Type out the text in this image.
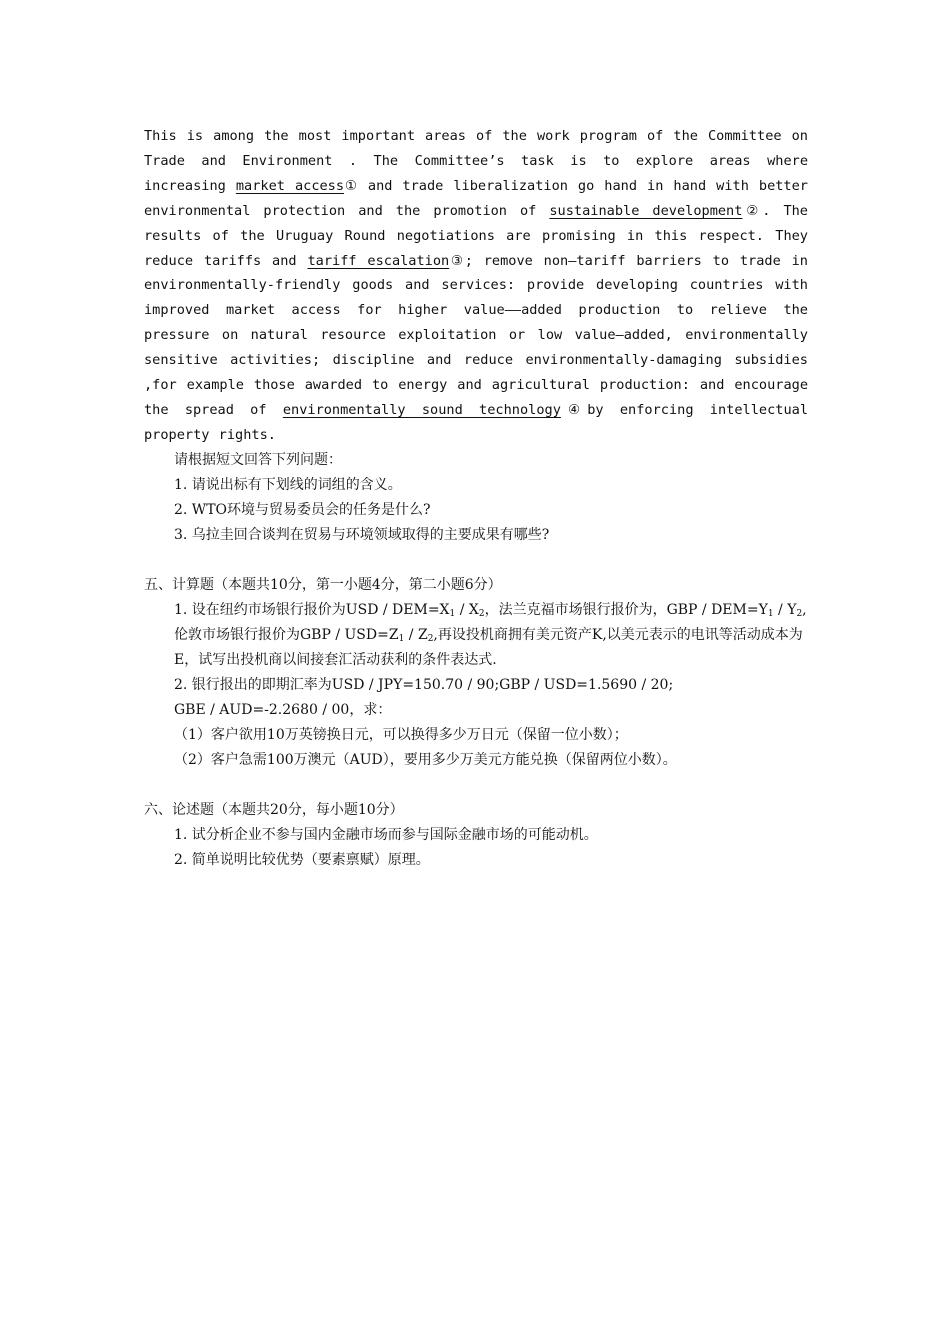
This is among the most important areas of the work program of the Committee on Trade and Environment . The Committee’s task is to explore areas where increasing market access① and trade liberalization go hand in hand with better environmental protection and the promotion of sustainable development②. The results of the Uruguay Round negotiations are promising in this respect. They reduce tariffs and tariff escalation③; remove non—tariff barriers to trade in environmentally-friendly goods and services: provide developing countries with improved market access for higher value——added production to relieve the pressure on natural resource exploitation or low value—added, environmentally sensitive activities; discipline and reduce environmentally-damaging subsidies ,for example those awarded to energy and agricultural production: and encourage the spread of environmentally sound technology④by enforcing intellectual property rights.

请根据短文回答下列问题：

1. 请说出标有下划线的词组的含义。

2. WTO环境与贸易委员会的任务是什么?

3. 乌拉圭回合谈判在贸易与环境领域取得的主要成果有哪些?

五、计算题（本题共10分，第一小题4分，第二小题6分）

1. 设在纽约市场银行报价为USD / $DEM=X_1 / X_2$，法兰克福市场银行报价为，GBP / $DEM=Y_1 / Y_2$,伦敦市场银行报价为GBP / $USD=Z_1 / Z_2$,再设投机商拥有美元资产K,以美元表示的电讯等活动成本为E，试写出投机商以间接套汇活动获利的条件表达式.

2. 银行报出的即期汇率为USD / JPY=150.70 / 90;GBP / USD=1.5690 / 20;

GBE / AUD=-2.2680 / 00，求：

（1）客户欲用10万英镑换日元，可以换得多少万日元（保留一位小数）；

（2）客户急需100万澳元（AUD），要用多少万美元方能兑换（保留两位小数）。

六、论述题（本题共20分，每小题10分）

1. 试分析企业不参与国内金融市场而参与国际金融市场的可能动机。

2. 简单说明比较优势（要素禀赋）原理。
